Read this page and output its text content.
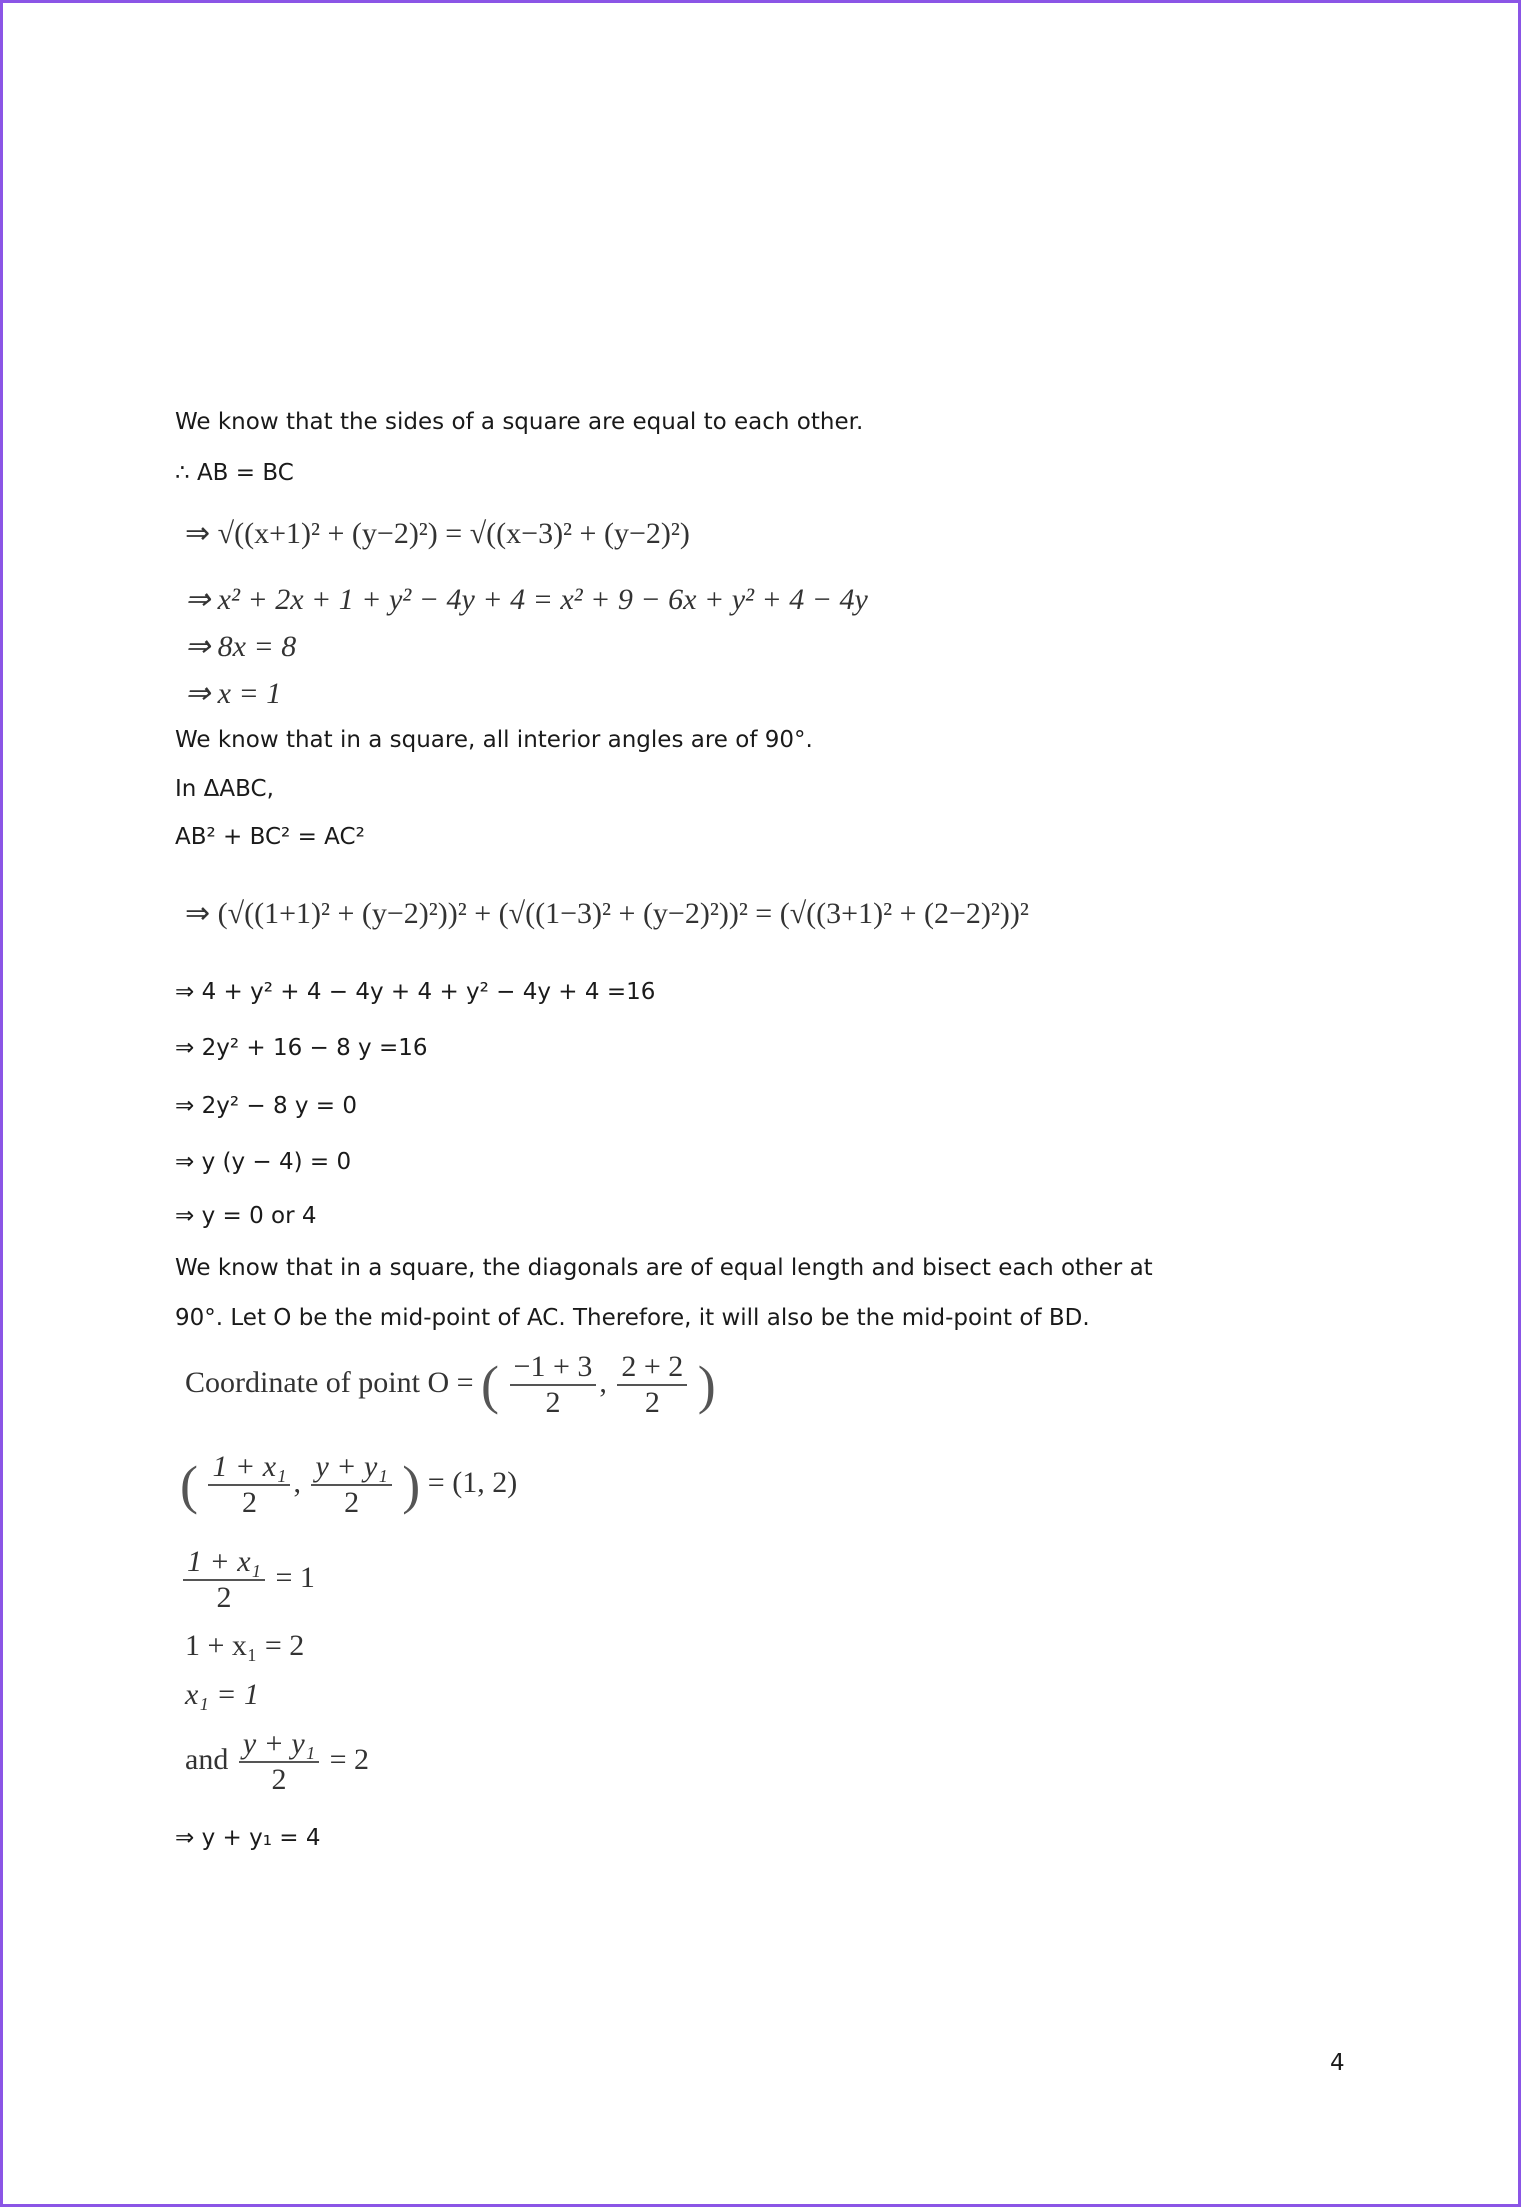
We know that the sides of a square are equal to each other.
∴ AB = BC
⇒ √((x+1)² + (y−2)²) = √((x−3)² + (y−2)²)
⇒ x² + 2x + 1 + y² − 4y + 4 = x² + 9 − 6x + y² + 4 − 4y
⇒ 8x = 8
⇒ x = 1
We know that in a square, all interior angles are of 90°.
In ΔABC,
AB² + BC² = AC²
⇒ (√((1+1)² + (y−2)²))² + (√((1−3)² + (y−2)²))² = (√((3+1)² + (2−2)²))²
⇒ 4 + y² + 4 − 4y + 4 + y² − 4y + 4 =16
⇒ 2y² + 16 − 8 y =16
⇒ 2y² − 8 y = 0
⇒ y (y − 4) = 0
⇒ y = 0 or 4
We know that in a square, the diagonals are of equal length and bisect each other at
90°. Let O be the mid-point of AC. Therefore, it will also be the mid-point of BD.
Coordinate of point O = ( $\frac{-1 + 3}{2}$ , $\frac{2 + 2}{2}$ )
( $\frac{\text{1 + x₁}}{2}$ , $\frac{\text{y + y₁}}{2}$ ) = (1, 2)
$\frac{\text{1 + x₁}}{2} = 1$
1 + x₁ = 2
x₁ = 1
and $\frac{\text{y + y₁}}{2} = 2$
⇒ y + y₁ = 4
4
